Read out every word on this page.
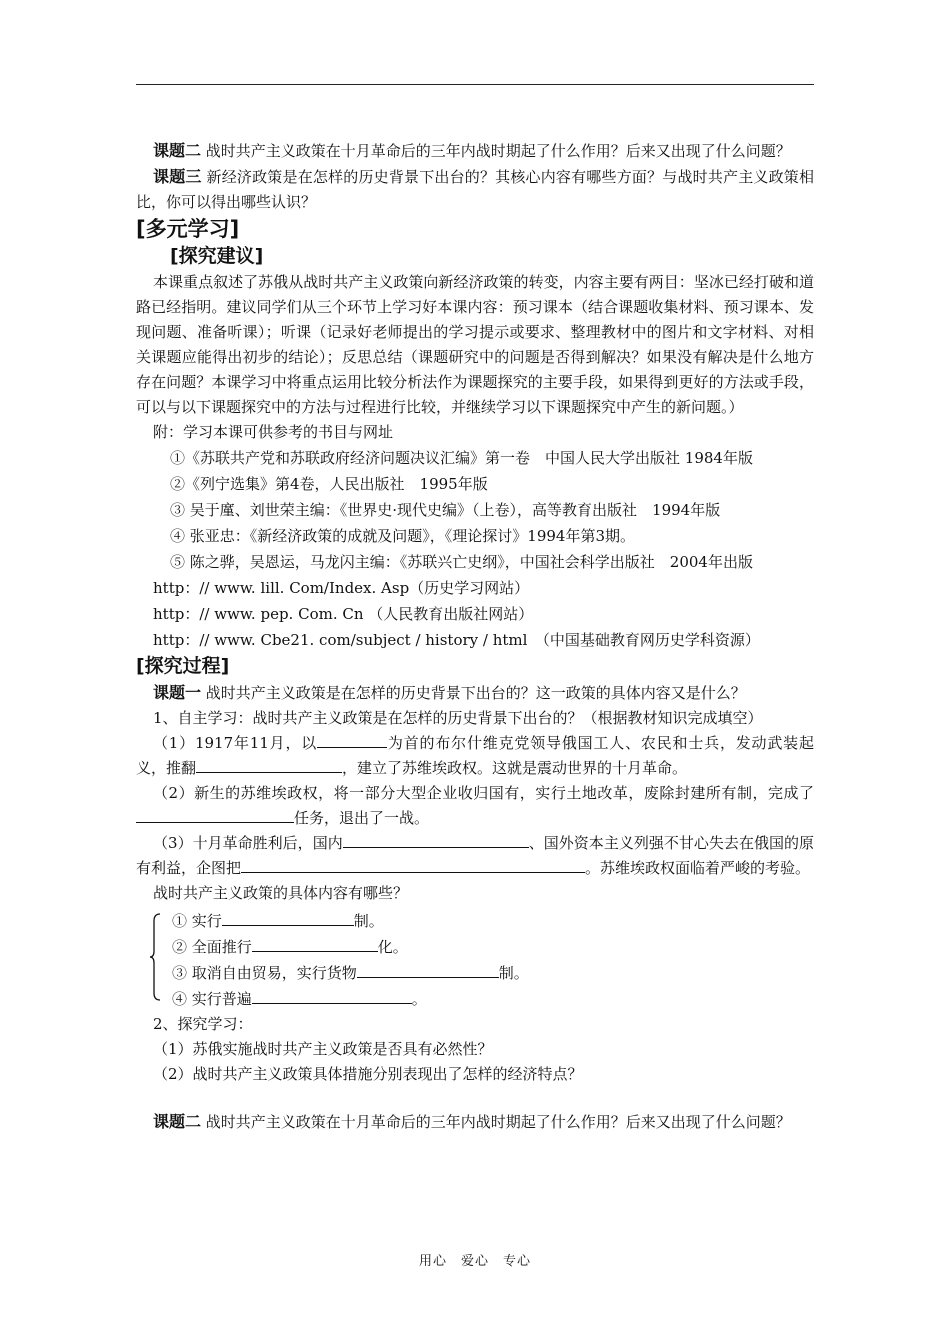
课题二 战时共产主义政策在十月革命后的三年内战时期起了什么作用？后来又出现了什么问题？

课题三 新经济政策是在怎样的历史背景下出台的？其核心内容有哪些方面？与战时共产主义政策相比，你可以得出哪些认识？

[多元学习]
[探究建议]

本课重点叙述了苏俄从战时共产主义政策向新经济政策的转变，内容主要有两目：坚冰已经打破和道路已经指明。建议同学们从三个环节上学习好本课内容：预习课本（结合课题收集材料、预习课本、发现问题、准备听课）；听课（记录好老师提出的学习提示或要求、整理教材中的图片和文字材料、对相关课题应能得出初步的结论）；反思总结（课题研究中的问题是否得到解决？如果没有解决是什么地方存在问题？本课学习中将重点运用比较分析法作为课题探究的主要手段，如果得到更好的方法或手段，可以与以下课题探究中的方法与过程进行比较，并继续学习以下课题探究中产生的新问题。）

附：学习本课可供参考的书目与网址

①《苏联共产党和苏联政府经济问题决议汇编》第一卷　中国人民大学出版社 1984年版
②《列宁选集》第4卷，人民出版社　1995年版
③ 吴于廑、刘世荣主编：《世界史·现代史编》（上卷），高等教育出版社　1994年版
④ 张亚忠：《新经济政策的成就及问题》，《理论探讨》1994年第3期。
⑤ 陈之骅，吴恩运，马龙闪主编：《苏联兴亡史纲》，中国社会科学出版社　2004年出版
http：// www. lill. Com/Index. Asp（历史学习网站）
http：// www. pep. Com. Cn （人民教育出版社网站）
http：// www. Cbe21. com/subject / history / html　（中国基础教育网历史学科资源）
[探究过程]

课题一 战时共产主义政策是在怎样的历史背景下出台的？这一政策的具体内容又是什么？

1、自主学习：战时共产主义政策是在怎样的历史背景下出台的？（根据教材知识完成填空）

（1）1917年11月，以	为首的布尔什维克党领导俄国工人、农民和士兵，发动武装起义，推翻	，建立了苏维埃政权。这就是震动世界的十月革命。

（2）新生的苏维埃政权，将一部分大型企业收归国有，实行土地改革，废除封建所有制，完成了任务，退出了一战。

（3）十月革命胜利后，国内	、国外资本主义列强不甘心失去在俄国的原有利益，企图把	。苏维埃政权面临着严峻的考验。

战时共产主义政策的具体内容有哪些？

① 实行	制。

② 全面推行	化。

③ 取消自由贸易，实行货物	制。

④ 实行普遍	。

2、探究学习：

（1）苏俄实施战时共产主义政策是否具有必然性？

（2）战时共产主义政策具体措施分别表现出了怎样的经济特点？

课题二 战时共产主义政策在十月革命后的三年内战时期起了什么作用？后来又出现了什么问题？

用心　爱心　专心
